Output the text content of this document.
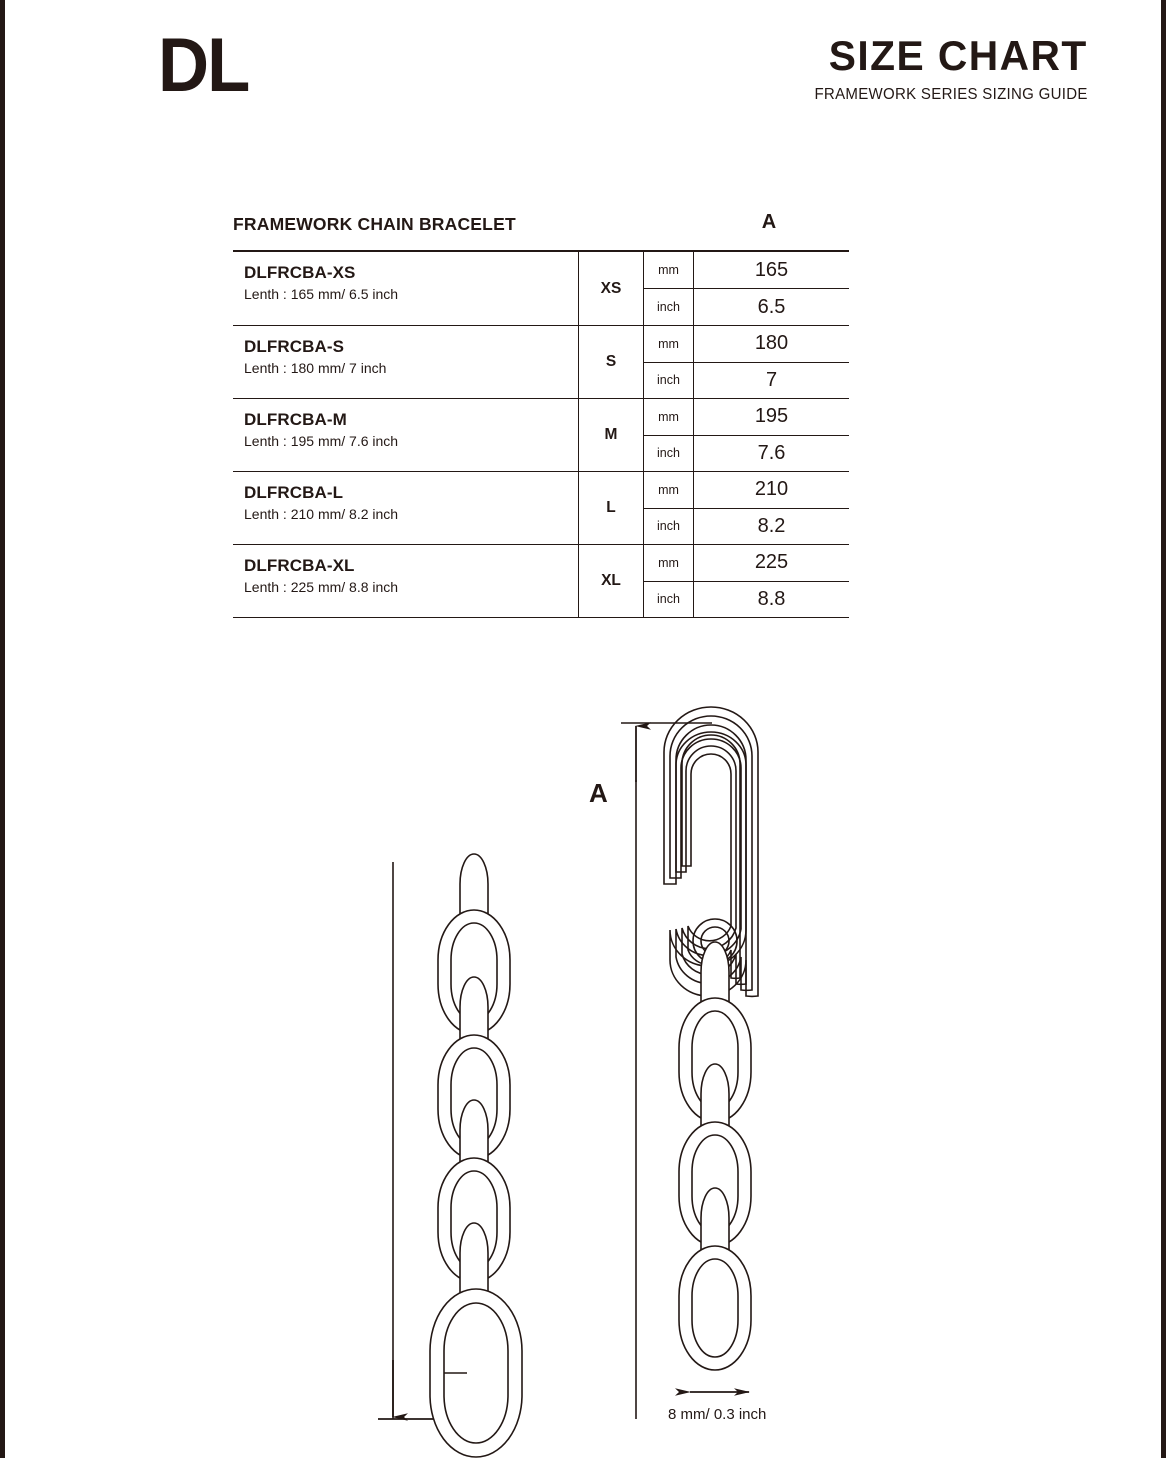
DL	SIZE CHART
FRAMEWORK SERIES SIZING GUIDE
FRAMEWORK CHAIN BRACELET	A
DLFRCBA-XS
Lenth : 165 mm/ 6.5 inch	XS
mm	165
inch	6.5
DLFRCBA-S
Lenth : 180 mm/ 7 inch	S
mm	180
inch	7
DLFRCBA-M
Lenth : 195 mm/ 7.6 inch	M
mm	195
inch	7.6
DLFRCBA-L
Lenth : 210 mm/ 8.2 inch	L
mm	210
inch	8.2
DLFRCBA-XL
Lenth : 225 mm/ 8.8 inch	XL
mm	225
inch	8.8
A
8 mm/ 0.3 inch
